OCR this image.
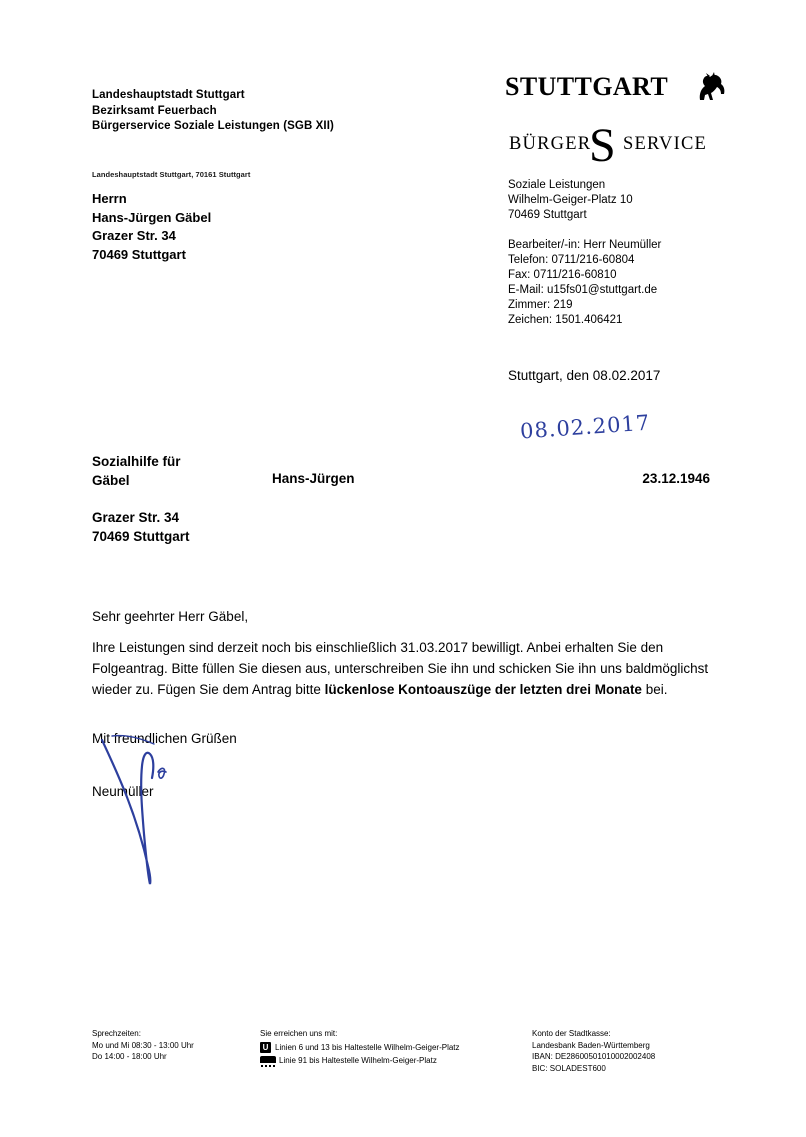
Landeshauptstadt Stuttgart
Bezirksamt Feuerbach
Bürgerservice Soziale Leistungen (SGB XII)
Landeshauptstadt Stuttgart, 70161 Stuttgart
Herrn
Hans-Jürgen Gäbel
Grazer Str. 34
70469 Stuttgart
STUTTGART
BÜRGER
S SERVICE
Soziale Leistungen
Wilhelm-Geiger-Platz 10
70469 Stuttgart
Bearbeiter/-in: Herr Neumüller
Telefon: 0711/216-60804
Fax: 0711/216-60810
E-Mail: u15fs01@stuttgart.de
Zimmer: 219
Zeichen: 1501.406421
Stuttgart, den 08.02.2017
08.02.2017
Sozialhilfe für
Gäbel	Hans-Jürgen	23.12.1946
Grazer Str. 34
70469 Stuttgart
Sehr geehrter Herr Gäbel,
Ihre Leistungen sind derzeit noch bis einschließlich 31.03.2017 bewilligt. Anbei erhalten Sie den Folgeantrag. Bitte füllen Sie diesen aus, unterschreiben Sie ihn und schicken Sie ihn uns baldmöglichst wieder zu. Fügen Sie dem Antrag bitte lückenlose Kontoauszüge der letzten drei Monate bei.
Mit freundlichen Grüßen
Neumüller
Sprechzeiten:
Mo und Mi 08:30 - 13:00 Uhr
Do 14:00 - 18:00 Uhr
Sie erreichen uns mit:
U Linien 6 und 13 bis Haltestelle Wilhelm-Geiger-Platz
Linie 91 bis Haltestelle Wilhelm-Geiger-Platz
Konto der Stadtkasse:
Landesbank Baden-Württemberg
IBAN: DE28600501010002002408
BIC: SOLADEST600
